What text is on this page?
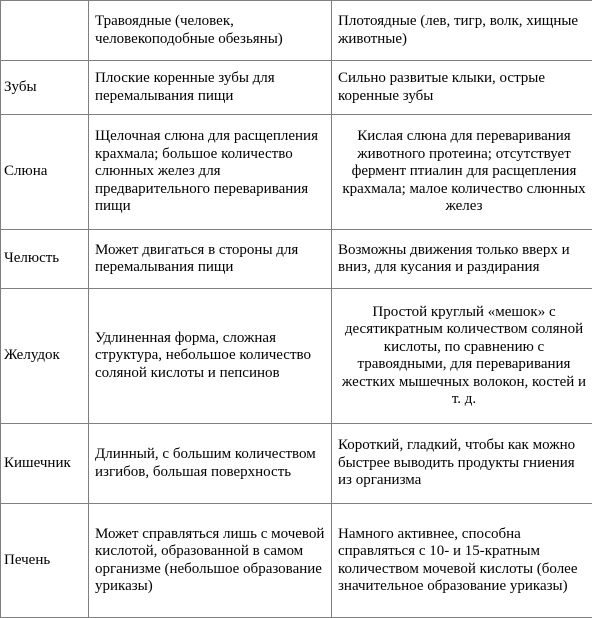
	Травоядные (человек, человекоподобные обезьяны)	Плотоядные (лев, тигр, волк, хищные животные)
Зубы	Плоские коренные зубы для перемалывания пищи	Сильно развитые клыки, острые коренные зубы
Слюна	Щелочная слюна для расщепления крахмала; большое количество слюнных желез для предварительного переваривания пищи	Кислая слюна для переваривания животного протеина; отсутствует фермент птиалин для расщепления крахмала; малое количество слюнных желез
Челюсть	Может двигаться в стороны для перемалывания пищи	Возможны движения только вверх и вниз, для кусания и раздирания
Желудок	Удлиненная форма, сложная структура, небольшое количество соляной кислоты и пепсинов	Простой круглый «мешок» с десятикратным количеством соляной кислоты, по сравнению с травоядными, для переваривания жестких мышечных волокон, костей и т. д.
Кишечник	Длинный, с большим количеством изгибов, большая поверхность	Короткий, гладкий, чтобы как можно быстрее выводить продукты гниения из организма
Печень	Может справляться лишь с мочевой кислотой, образованной в самом организме (небольшое образование уриказы)	Намного активнее, способна справляться с 10- и 15-кратным количеством мочевой кислоты (более значительное образование уриказы)
